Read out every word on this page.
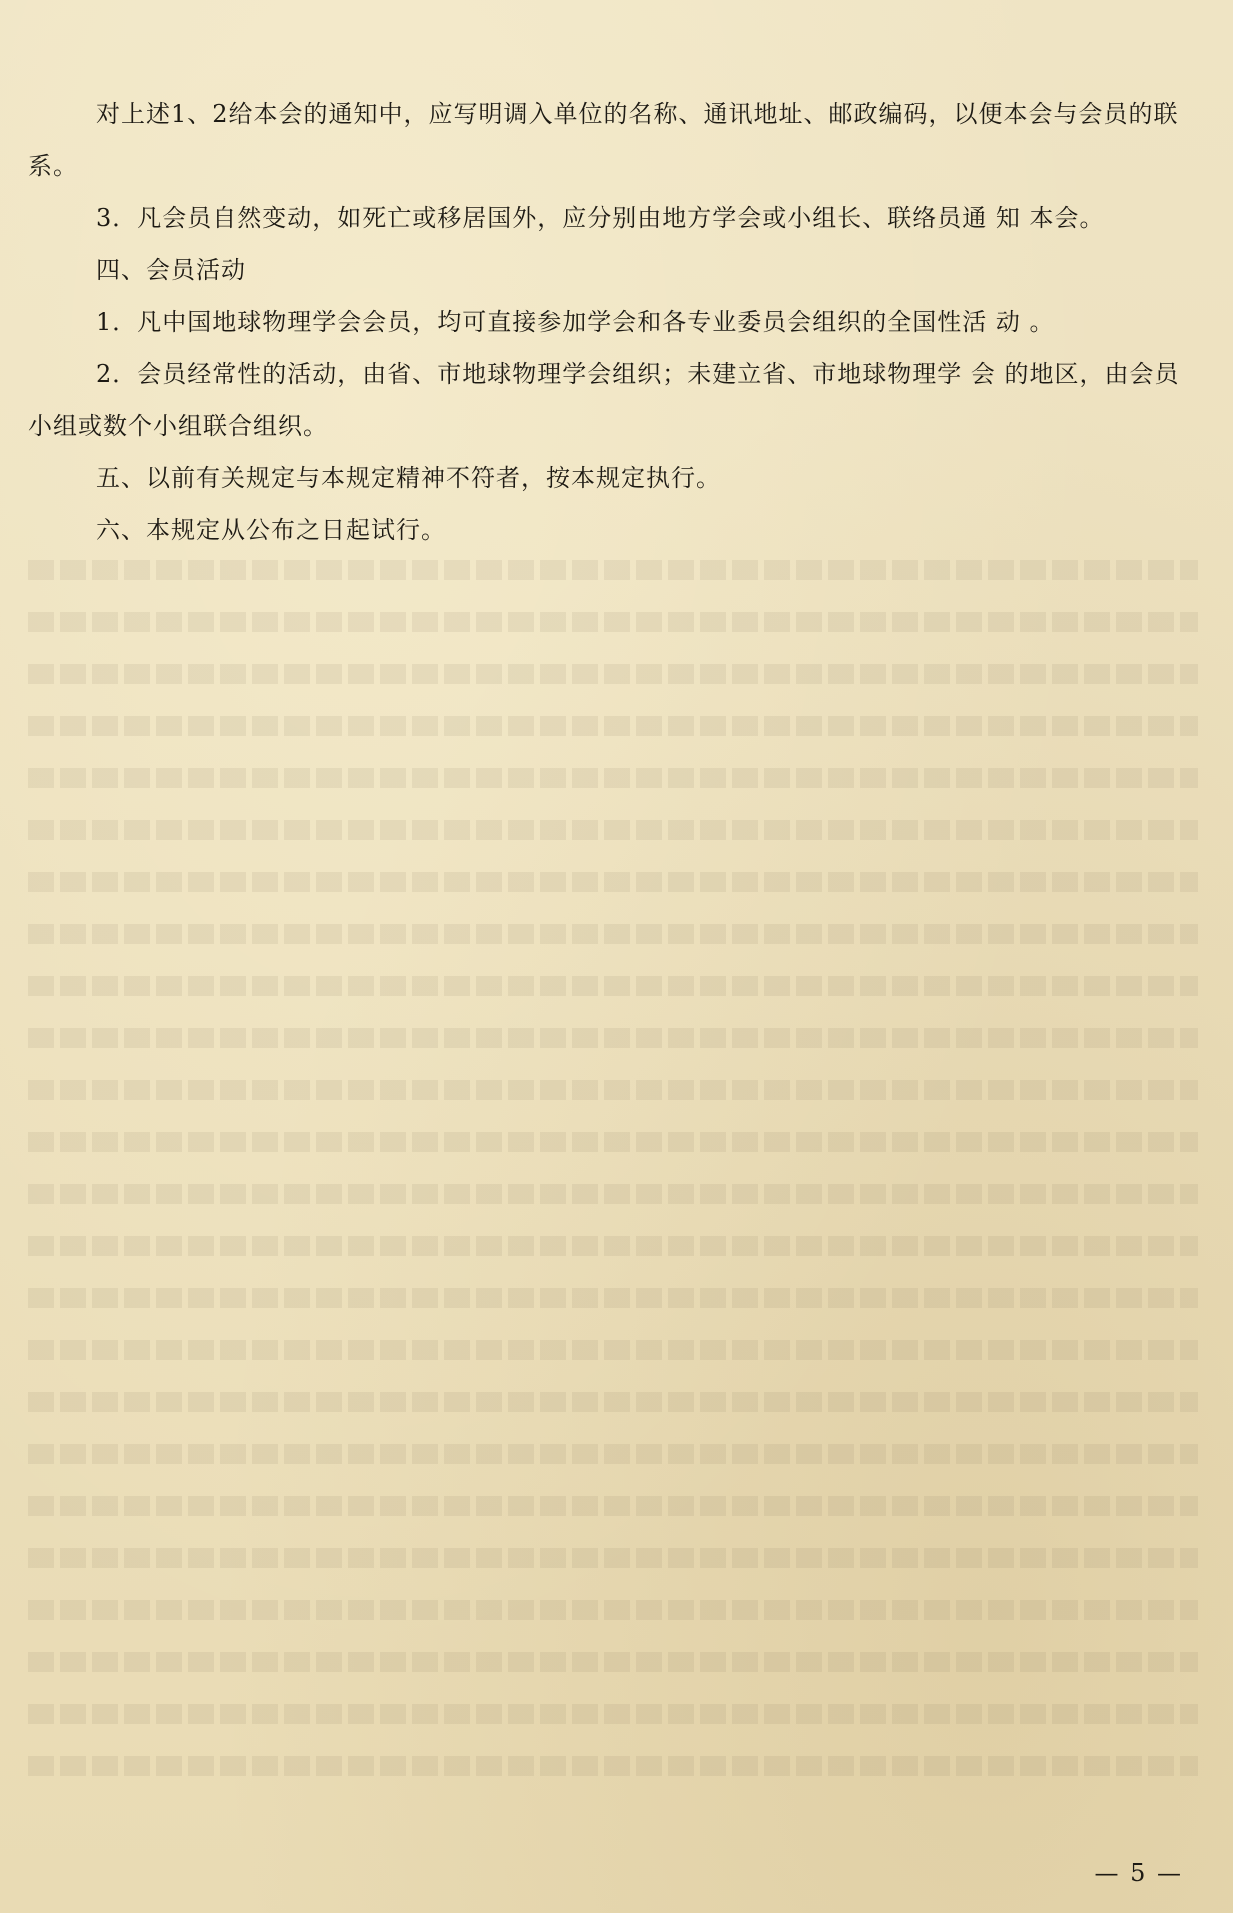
对上述1、2给本会的通知中，应写明调入单位的名称、通讯地址、邮政编码，以便本会与会员的联系。

3．凡会员自然变动，如死亡或移居国外，应分别由地方学会或小组长、联络员通 知 本会。

四、会员活动

1．凡中国地球物理学会会员，均可直接参加学会和各专业委员会组织的全国性活 动 。

2．会员经常性的活动，由省、市地球物理学会组织；未建立省、市地球物理学 会 的地区，由会员小组或数个小组联合组织。

五、以前有关规定与本规定精神不符者，按本规定执行。

六、本规定从公布之日起试行。

— 5 —
